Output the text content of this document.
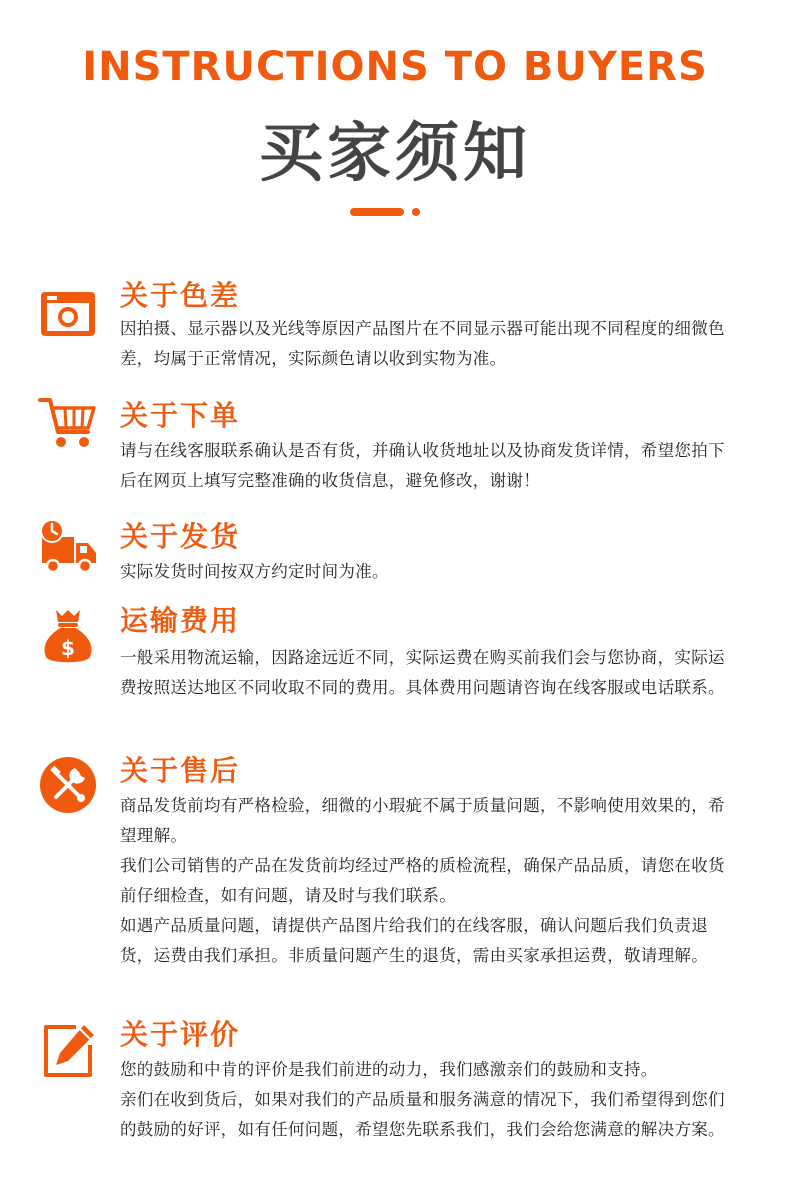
INSTRUCTIONS TO BUYERS
买家须知
关于色差

因拍摄、显示器以及光线等原因产品图片在不同显示器可能出现不同程度的细微色差，均属于正常情况，实际颜色请以收到实物为准。

关于下单

请与在线客服联系确认是否有货，并确认收货地址以及协商发货详情，希望您拍下后在网页上填写完整准确的收货信息，避免修改，谢谢！

关于发货

实际发货时间按双方约定时间为准。

$
运输费用

一般采用物流运输，因路途远近不同，实际运费在购买前我们会与您协商，实际运费按照送达地区不同收取不同的费用。具体费用问题请咨询在线客服或电话联系。

关于售后

商品发货前均有严格检验，细微的小瑕疵不属于质量问题，不影响使用效果的，希望理解。

我们公司销售的产品在发货前均经过严格的质检流程，确保产品品质，请您在收货前仔细检查，如有问题，请及时与我们联系。

如遇产品质量问题，请提供产品图片给我们的在线客服，确认问题后我们负责退货，运费由我们承担。非质量问题产生的退货，需由买家承担运费，敬请理解。

关于评价

您的鼓励和中肯的评价是我们前进的动力，我们感激亲们的鼓励和支持。

亲们在收到货后，如果对我们的产品质量和服务满意的情况下，我们希望得到您们的鼓励的好评，如有任何问题，希望您先联系我们，我们会给您满意的解决方案。
